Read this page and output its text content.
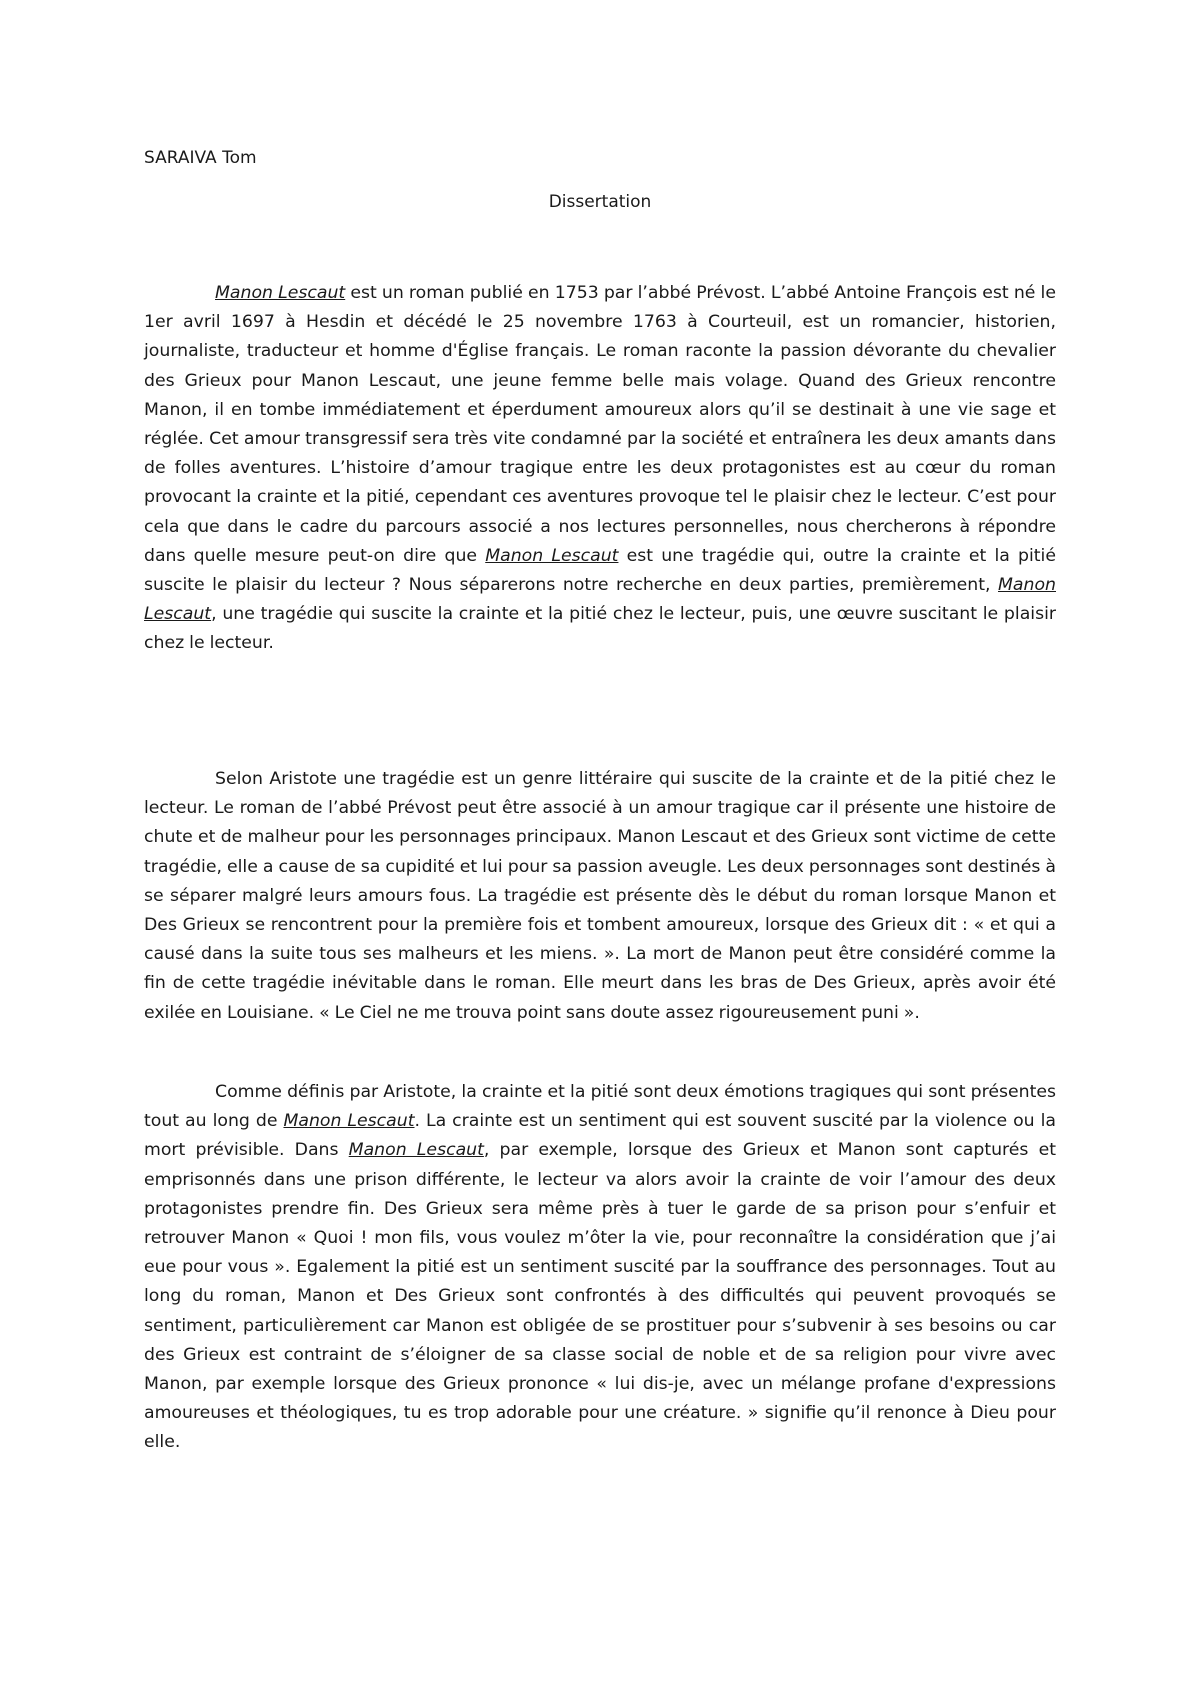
SARAIVA Tom
Dissertation

Manon Lescaut est un roman publié en 1753 par l’abbé Prévost. L’abbé Antoine François est né le 1er avril 1697 à Hesdin et décédé le 25 novembre 1763 à Courteuil, est un romancier, historien, journaliste, traducteur et homme d'Église français. Le roman raconte la passion dévorante du chevalier des Grieux pour Manon Lescaut, une jeune femme belle mais volage. Quand des Grieux rencontre Manon, il en tombe immédiatement et éperdument amoureux alors qu’il se destinait à une vie sage et réglée. Cet amour transgressif sera très vite condamné par la société et entraînera les deux amants dans de folles aventures. L’histoire d’amour tragique entre les deux protagonistes est au cœur du roman provocant la crainte et la pitié, cependant ces aventures provoque tel le plaisir chez le lecteur. C’est pour cela que dans le cadre du parcours associé a nos lectures personnelles, nous chercherons à répondre dans quelle mesure peut-on dire que Manon Lescaut est une tragédie qui, outre la crainte et la pitié suscite le plaisir du lecteur ? Nous séparerons notre recherche en deux parties, premièrement, Manon Lescaut, une tragédie qui suscite la crainte et la pitié chez le lecteur, puis, une œuvre suscitant le plaisir chez le lecteur.

Selon Aristote une tragédie est un genre littéraire qui suscite de la crainte et de la pitié chez le lecteur. Le roman de l’abbé Prévost peut être associé à un amour tragique car il présente une histoire de chute et de malheur pour les personnages principaux. Manon Lescaut et des Grieux sont victime de cette tragédie, elle a cause de sa cupidité et lui pour sa passion aveugle. Les deux personnages sont destinés à se séparer malgré leurs amours fous. La tragédie est présente dès le début du roman lorsque Manon et Des Grieux se rencontrent pour la première fois et tombent amoureux, lorsque des Grieux dit : « et qui a causé dans la suite tous ses malheurs et les miens. ». La mort de Manon peut être considéré comme la fin de cette tragédie inévitable dans le roman. Elle meurt dans les bras de Des Grieux, après avoir été exilée en Louisiane. « Le Ciel ne me trouva point sans doute assez rigoureusement puni ».

Comme définis par Aristote, la crainte et la pitié sont deux émotions tragiques qui sont présentes tout au long de Manon Lescaut. La crainte est un sentiment qui est souvent suscité par la violence ou la mort prévisible. Dans Manon Lescaut, par exemple, lorsque des Grieux et Manon sont capturés et emprisonnés dans une prison différente, le lecteur va alors avoir la crainte de voir l’amour des deux protagonistes prendre fin. Des Grieux sera même près à tuer le garde de sa prison pour s’enfuir et retrouver Manon « Quoi ! mon fils, vous voulez m’ôter la vie, pour reconnaître la considération que j’ai eue pour vous ». Egalement la pitié est un sentiment suscité par la souffrance des personnages. Tout au long du roman, Manon et Des Grieux sont confrontés à des difficultés qui peuvent provoqués se sentiment, particulièrement car Manon est obligée de se prostituer pour s’subvenir à ses besoins ou car des Grieux est contraint de s’éloigner de sa classe social de noble et de sa religion pour vivre avec Manon, par exemple lorsque des Grieux prononce « lui dis-je, avec un mélange profane d'expressions amoureuses et théologiques, tu es trop adorable pour une créature. » signifie qu’il renonce à Dieu pour elle.
